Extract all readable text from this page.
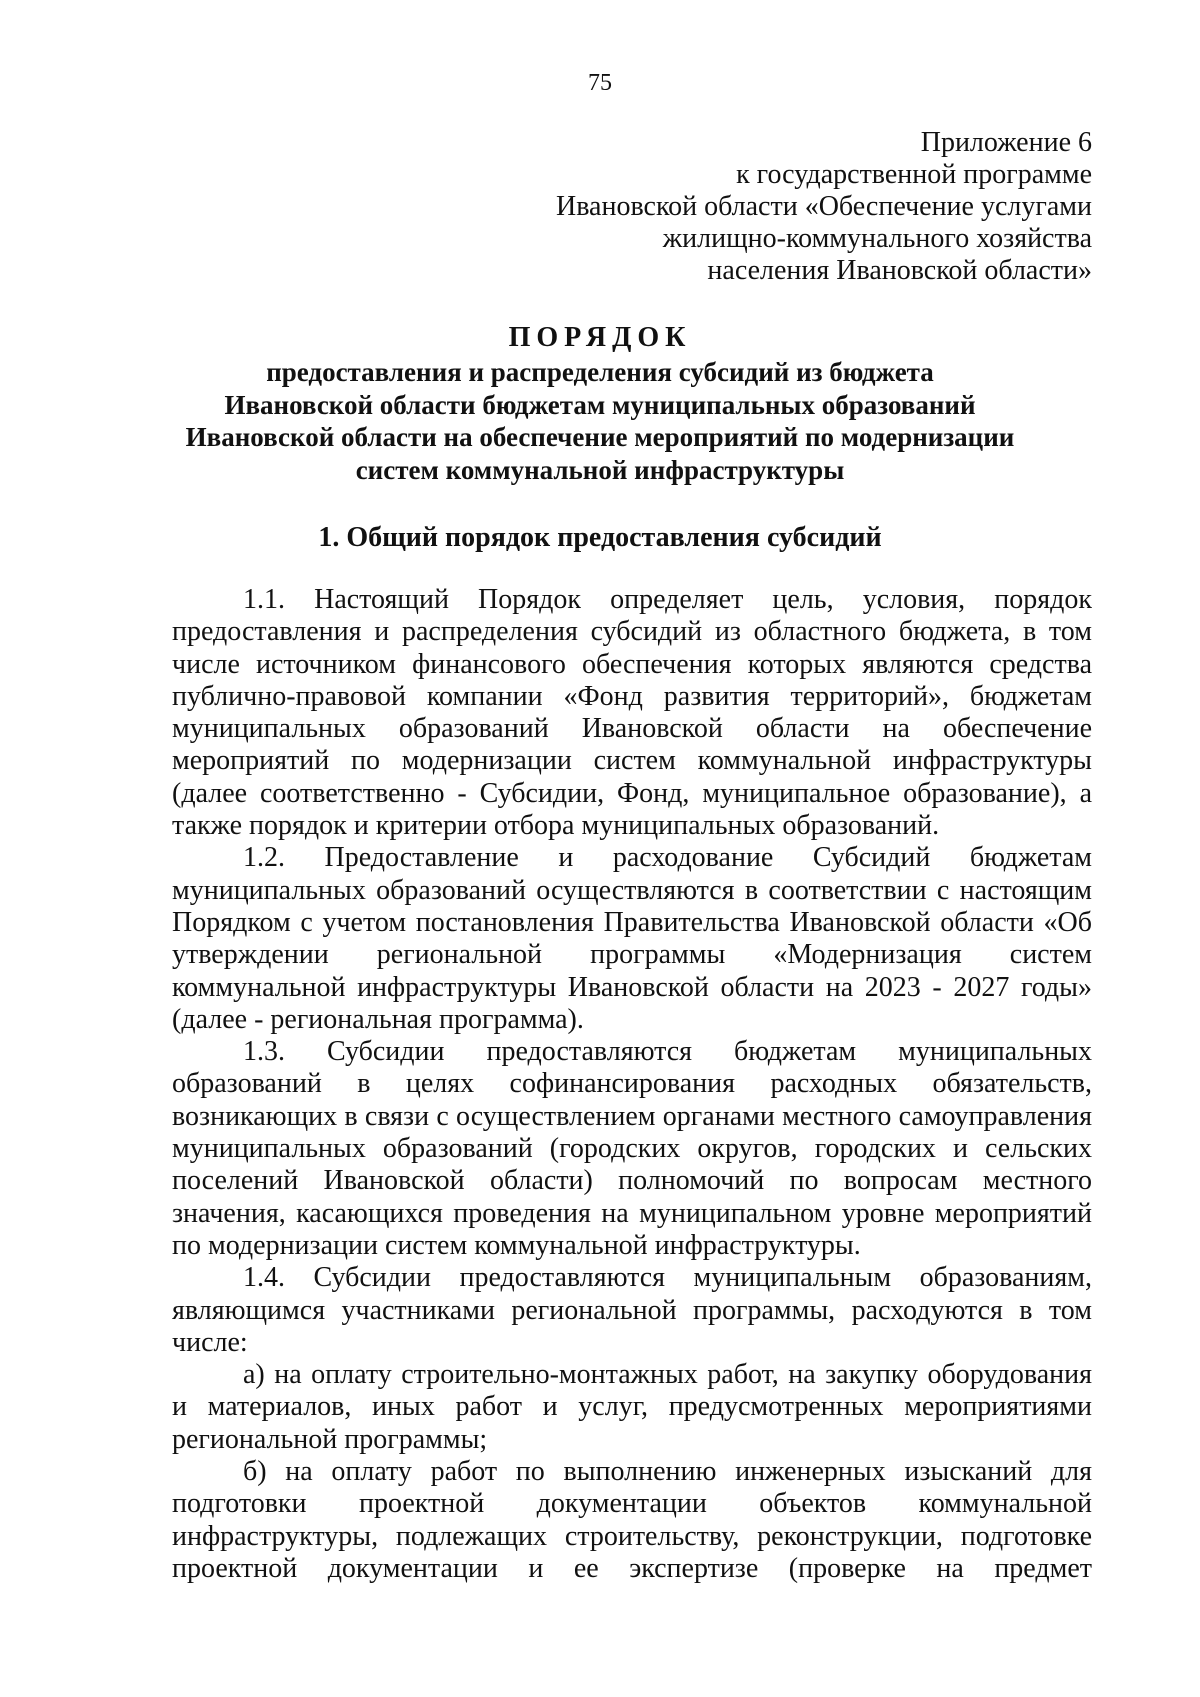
75
Приложение 6
к государственной программе
Ивановской области «Обеспечение услугами
жилищно-коммунального хозяйства
населения Ивановской области»
ПОРЯДОК
предоставления и распределения субсидий из бюджета
Ивановской области бюджетам муниципальных образований
Ивановской области на обеспечение мероприятий по модернизации
систем коммунальной инфраструктуры
1. Общий порядок предоставления субсидий

1.1. Настоящий Порядок определяет цель, условия, порядок предоставления и распределения субсидий из областного бюджета, в том числе источником финансового обеспечения которых являются средства публично-правовой компании «Фонд развития территорий», бюджетам муниципальных образований Ивановской области на обеспечение мероприятий по модернизации систем коммунальной инфраструктуры (далее соответственно - Субсидии, Фонд, муниципальное образование), а также порядок и критерии отбора муниципальных образований.

1.2. Предоставление и расходование Субсидий бюджетам муниципальных образований осуществляются в соответствии с настоящим Порядком с учетом постановления Правительства Ивановской области «Об утверждении региональной программы «Модернизация систем коммунальной инфраструктуры Ивановской области на 2023 - 2027 годы» (далее - региональная программа).

1.3. Субсидии предоставляются бюджетам муниципальных образований в целях софинансирования расходных обязательств, возникающих в связи с осуществлением органами местного самоуправления муниципальных образований (городских округов, городских и сельских поселений Ивановской области) полномочий по вопросам местного значения, касающихся проведения на муниципальном уровне мероприятий по модернизации систем коммунальной инфраструктуры.

1.4. Субсидии предоставляются муниципальным образованиям, являющимся участниками региональной программы, расходуются в том числе:

а) на оплату строительно-монтажных работ, на закупку оборудования и материалов, иных работ и услуг, предусмотренных мероприятиями региональной программы;

б) на оплату работ по выполнению инженерных изысканий для подготовки проектной документации объектов коммунальной инфраструктуры, подлежащих строительству, реконструкции, подготовке проектной документации и ее экспертизе (проверке на предмет
